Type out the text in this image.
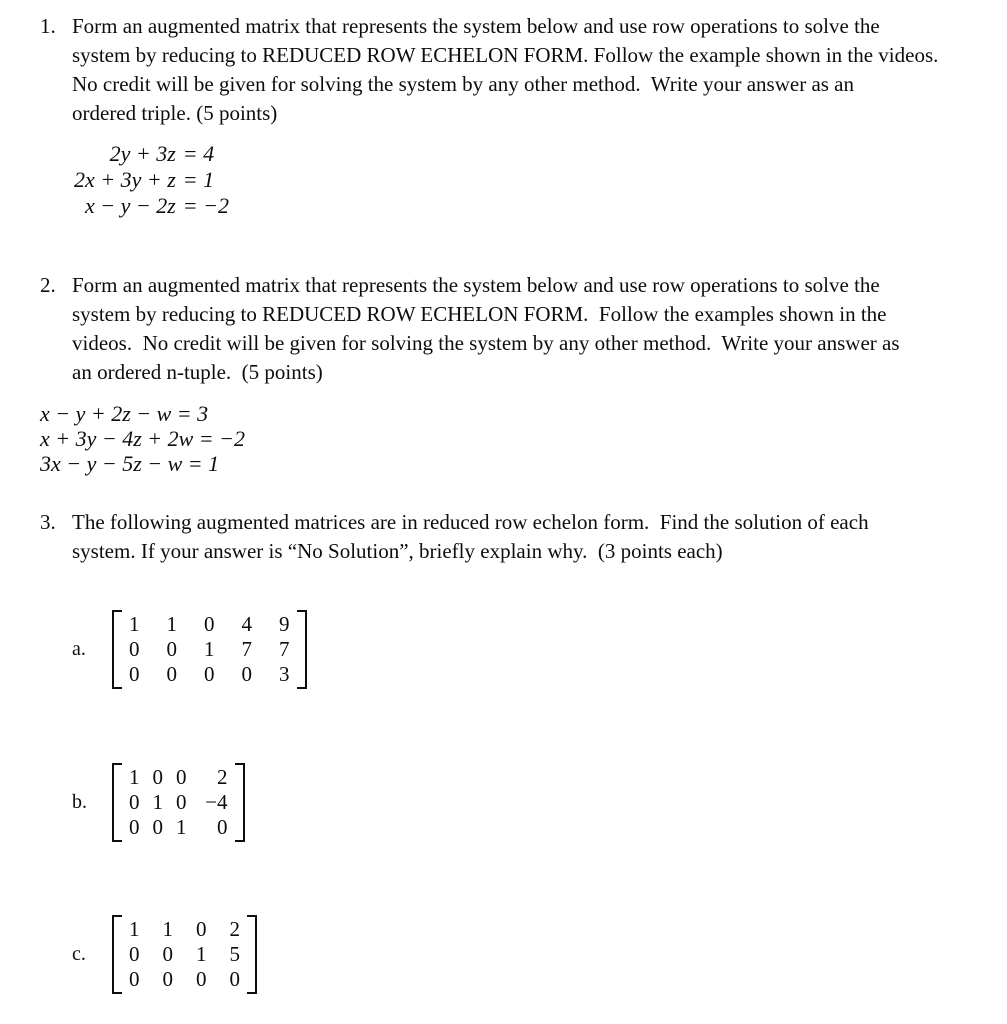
1. Form an augmented matrix that represents the system below and use row operations to solve the
system by reducing to REDUCED ROW ECHELON FORM. Follow the example shown in the videos.
No credit will be given for solving the system by any other method.  Write your answer as an
ordered triple. (5 points)
2y + 3z = 4
2x + 3y + z = 1
x − y − 2z = −2
2. Form an augmented matrix that represents the system below and use row operations to solve the
system by reducing to REDUCED ROW ECHELON FORM.  Follow the examples shown in the
videos.  No credit will be given for solving the system by any other method.  Write your answer as
an ordered n-tuple.  (5 points)
x − y + 2z − w = 3
x + 3y − 4z + 2w = −2
3x − y − 5z − w = 1
3. The following augmented matrices are in reduced row echelon form.  Find the solution of each
system. If your answer is “No Solution”, briefly explain why.  (3 points each)
a.
1 1 0 4 9
0 0 1 7 7
0 0 0 0 3
b.
1 0 0	2
0 1 0 −4
0 0 1	0
c.
1 1 0 2
0 0 1 5
0 0 0 0
